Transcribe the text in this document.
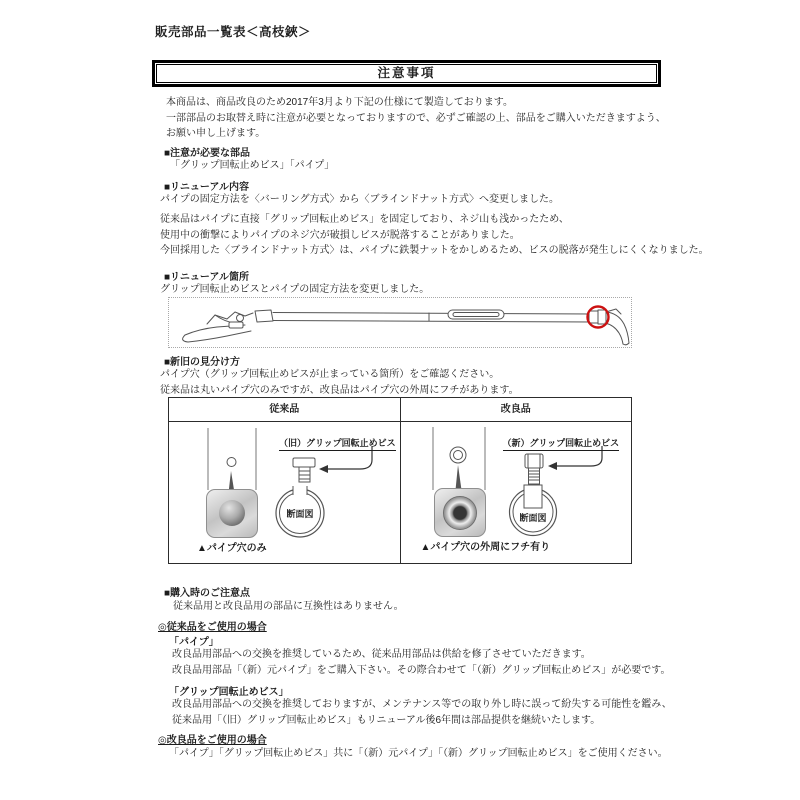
販売部品一覧表＜高枝鋏＞
注意事項
本商品は、商品改良のため2017年3月より下記の仕様にて製造しております。
一部部品のお取替え時に注意が必要となっておりますので、必ずご確認の上、部品をご購入いただきますよう、
お願い申し上げます。
■注意が必要な部品
「グリップ回転止めビス」「パイプ」
■リニューアル内容
パイプの固定方法を〈バーリング方式〉から〈ブラインドナット方式〉へ変更しました。
従来品はパイプに直接「グリップ回転止めビス」を固定しており、ネジ山も浅かったため、
使用中の衝撃によりパイプのネジ穴が破損しビスが脱落することがありました。
今回採用した〈ブラインドナット方式〉は、パイプに鉄製ナットをかしめるため、ビスの脱落が発生しにくくなりました。
■リニューアル箇所
グリップ回転止めビスとパイプの固定方法を変更しました。
■新旧の見分け方
パイプ穴（グリップ回転止めビスが止まっている箇所）をご確認ください。
従来品は丸いパイプ穴のみですが、改良品はパイプ穴の外周にフチがあります。
従来品	改良品
断面図
▲パイプ穴のみ
（旧）グリップ回転止めビス
断面図
▲パイプ穴の外周にフチ有り
（新）グリップ回転止めビス
■購入時のご注意点
従来品用と改良品用の部品に互換性はありません。
◎従来品をご使用の場合
「パイプ」
改良品用部品への交換を推奨しているため、従来品用部品は供給を修了させていただきます。
改良品用部品「（新）元パイプ」をご購入下さい。その際合わせて「（新）グリップ回転止めビス」が必要です。
「グリップ回転止めビス」
改良品用部品への交換を推奨しておりますが、メンテナンス等での取り外し時に誤って紛失する可能性を鑑み、
従来品用「（旧）グリップ回転止めビス」もリニューアル後6年間は部品提供を継続いたします。
◎改良品をご使用の場合
「パイプ」「グリップ回転止めビス」共に「（新）元パイプ」「（新）グリップ回転止めビス」をご使用ください。
